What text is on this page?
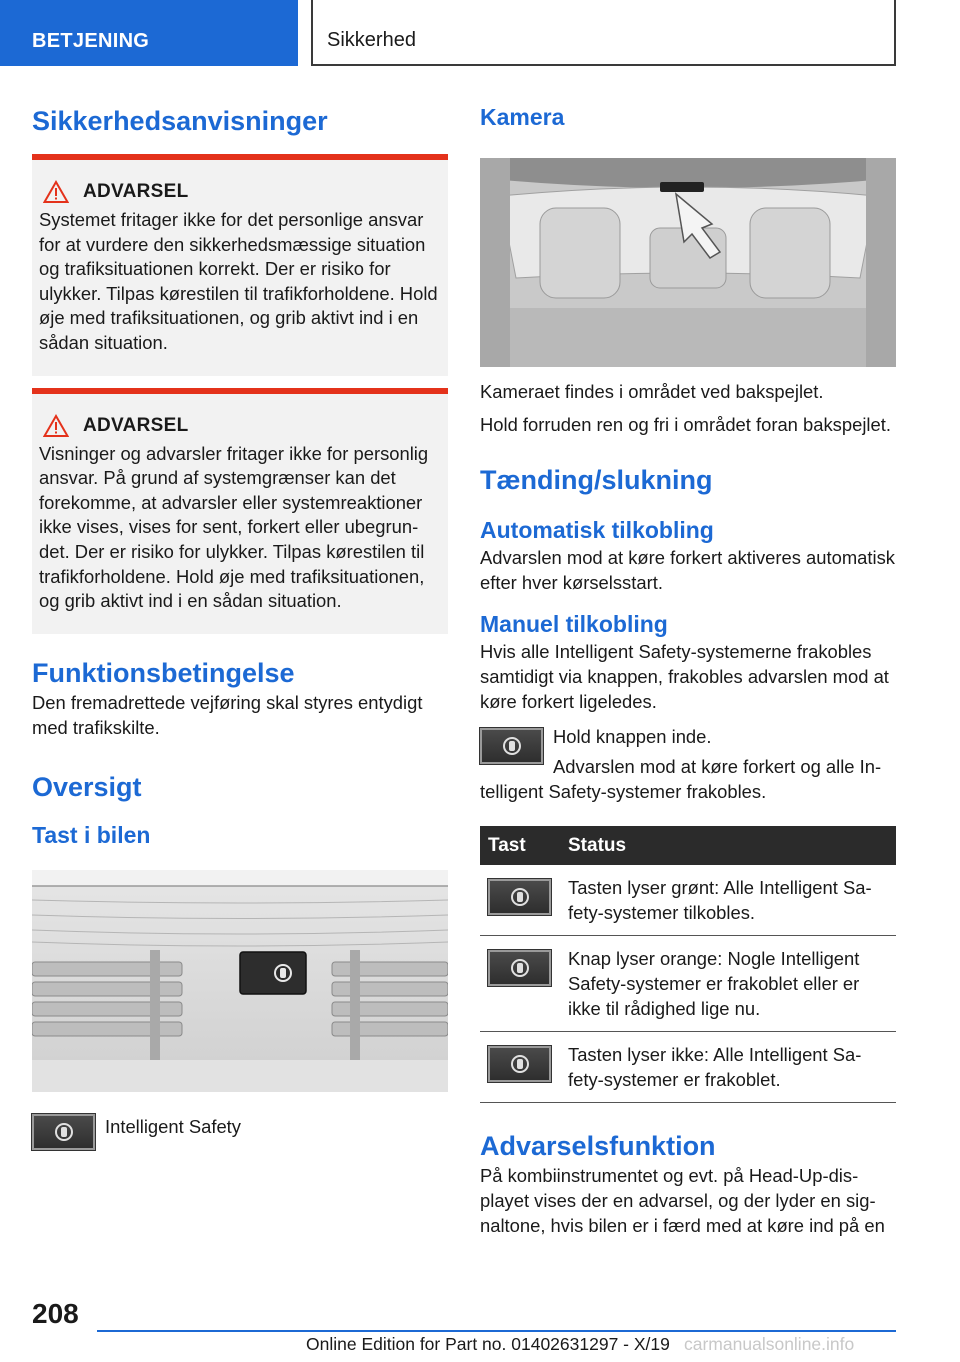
BETJENING	Sikkerhed
Sikkerhedsanvisninger
ADVARSEL

Systemet fritager ikke for det personlige ansvar for at vurdere den sikkerhedsmæssige situation og trafiksituationen korrekt. Der er risiko for ulykker. Tilpas kørestilen til trafikforholdene. Hold øje med trafiksituationen, og grib aktivt ind i en sådan situation.

ADVARSEL

Visninger og advarsler fritager ikke for personlig ansvar. På grund af systemgrænser kan det forekomme, at advarsler eller systemreaktioner ikke vises, vises for sent, forkert eller ubegrundet. Der er risiko for ulykker. Tilpas kørestilen til trafikforholdene. Hold øje med trafiksituationen, og grib aktivt ind i en sådan situation.

Funktionsbetingelse

Den fremadrettede vejføring skal styres entydigt med trafikskilte.

Oversigt
Tast i bilen

Intelligent Safety

Kamera

Kameraet findes i området ved bakspejlet.

Hold forruden ren og fri i området foran bakspejlet.

Tænding/slukning
Automatisk tilkobling

Advarslen mod at køre forkert aktiveres automatisk efter hver kørselsstart.

Manuel tilkobling

Hvis alle Intelligent Safety-systemerne frakobles samtidigt via knappen, frakobles advarslen mod at køre forkert ligeledes.

Hold knappen inde.

Advarslen mod at køre forkert og alle Intelligent Safety-systemer frakobles.

Tast	Status

	Tasten lyser grønt: Alle Intelligent Safety-systemer tilkobles.

	Knap lyser orange: Nogle Intelligent Safety-systemer er frakoblet eller er ikke til rådighed lige nu.

	Tasten lyser ikke: Alle Intelligent Safety-systemer er frakoblet.
Advarselsfunktion

På kombiinstrumentet og evt. på Head-Up-displayet vises der en advarsel, og der lyder en signaltone, hvis bilen er i færd med at køre ind på en

208
Online Edition for Part no. 01402631297 - X/19 carmanualsonline.info
